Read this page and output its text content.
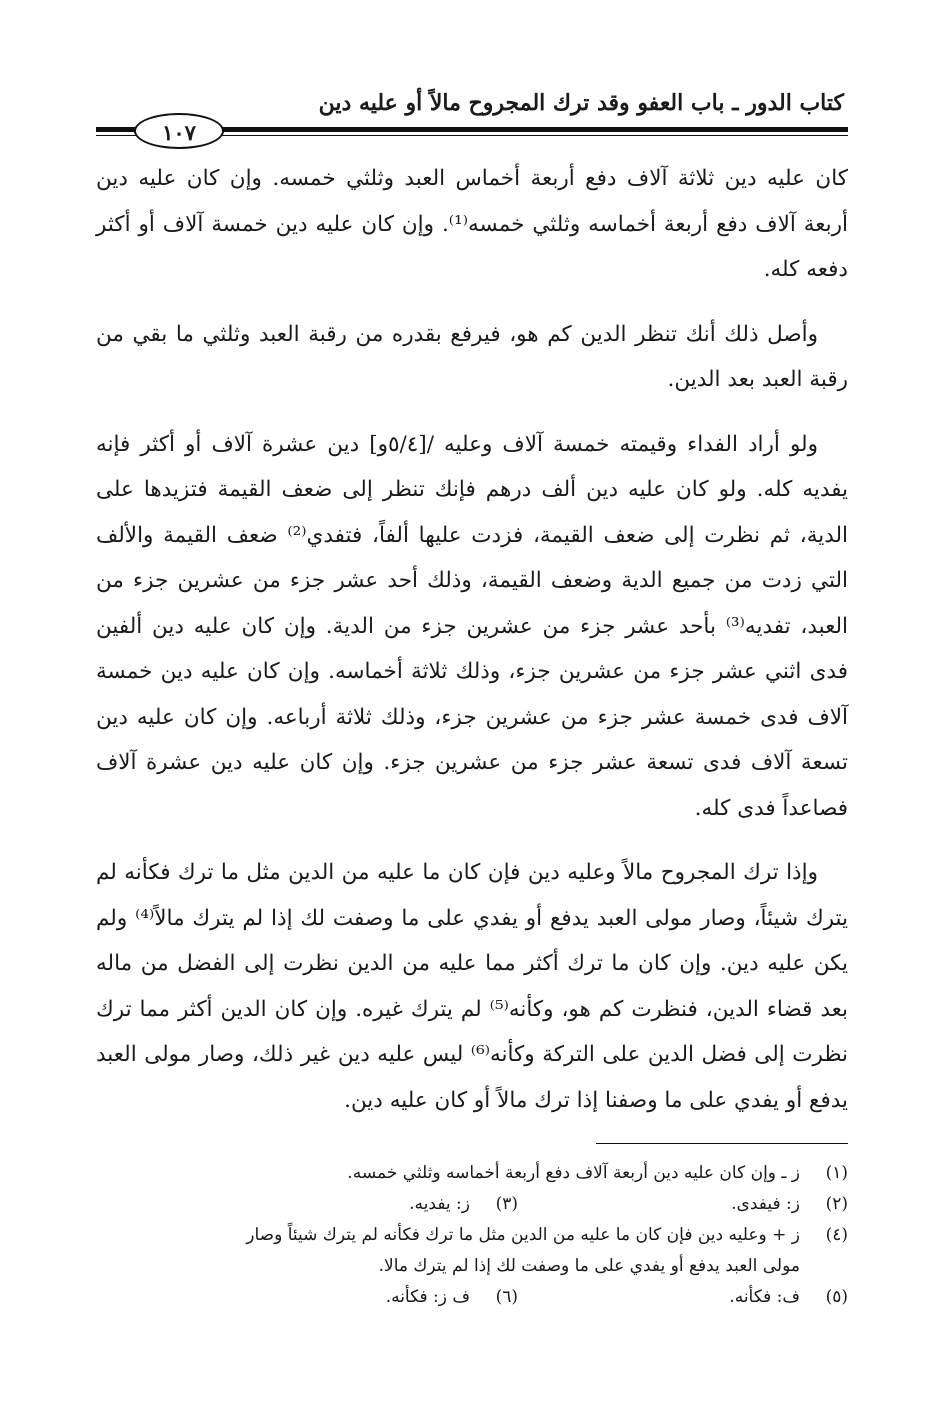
كتاب الدور ـ باب العفو وقد ترك المجروح مالاً أو عليه دين
١٠٧

كان عليه دين ثلاثة آلاف دفع أربعة أخماس العبد وثلثي خمسه. وإن كان عليه دين أربعة آلاف دفع أربعة أخماسه وثلثي خمسه⁽¹⁾. وإن كان عليه دين خمسة آلاف أو أكثر دفعه كله.

وأصل ذلك أنك تنظر الدين كم هو، فيرفع بقدره من رقبة العبد وثلثي ما بقي من رقبة العبد بعد الدين.

ولو أراد الفداء وقيمته خمسة آلاف وعليه /[٥/٤و] دين عشرة آلاف أو أكثر فإنه يفديه كله. ولو كان عليه دين ألف درهم فإنك تنظر إلى ضعف القيمة فتزيدها على الدية، ثم نظرت إلى ضعف القيمة، فزدت عليها ألفاً، فتفدي⁽²⁾ ضعف القيمة والألف التي زدت من جميع الدية وضعف القيمة، وذلك أحد عشر جزء من عشرين جزء من العبد، تفديه⁽³⁾ بأحد عشر جزء من عشرين جزء من الدية. وإن كان عليه دين ألفين فدى اثني عشر جزء من عشرين جزء، وذلك ثلاثة أخماسه. وإن كان عليه دين خمسة آلاف فدى خمسة عشر جزء من عشرين جزء، وذلك ثلاثة أرباعه. وإن كان عليه دين تسعة آلاف فدى تسعة عشر جزء من عشرين جزء. وإن كان عليه دين عشرة آلاف فصاعداً فدى كله.

وإذا ترك المجروح مالاً وعليه دين فإن كان ما عليه من الدين مثل ما ترك فكأنه لم يترك شيئاً، وصار مولى العبد يدفع أو يفدي على ما وصفت لك إذا لم يترك مالاً⁽⁴⁾ ولم يكن عليه دين. وإن كان ما ترك أكثر مما عليه من الدين نظرت إلى الفضل من ماله بعد قضاء الدين، فنظرت كم هو، وكأنه⁽⁵⁾ لم يترك غيره. وإن كان الدين أكثر مما ترك نظرت إلى فضل الدين على التركة وكأنه⁽⁶⁾ ليس عليه دين غير ذلك، وصار مولى العبد يدفع أو يفدي على ما وصفنا إذا ترك مالاً أو كان عليه دين.

(١)
ز ـ وإن كان عليه دين أربعة آلاف دفع أربعة أخماسه وثلثي خمسه.
(٢)
ز: فيفدى.
(٣)
ز: يفديه.
(٤)
ز + وعليه دين فإن كان ما عليه من الدين مثل ما ترك فكأنه لم يترك شيئاً وصار
مولى العبد يدفع أو يفدي على ما وصفت لك إذا لم يترك مالا.
(٥)
ف: فكأنه.
(٦)
ف ز: فكأنه.
